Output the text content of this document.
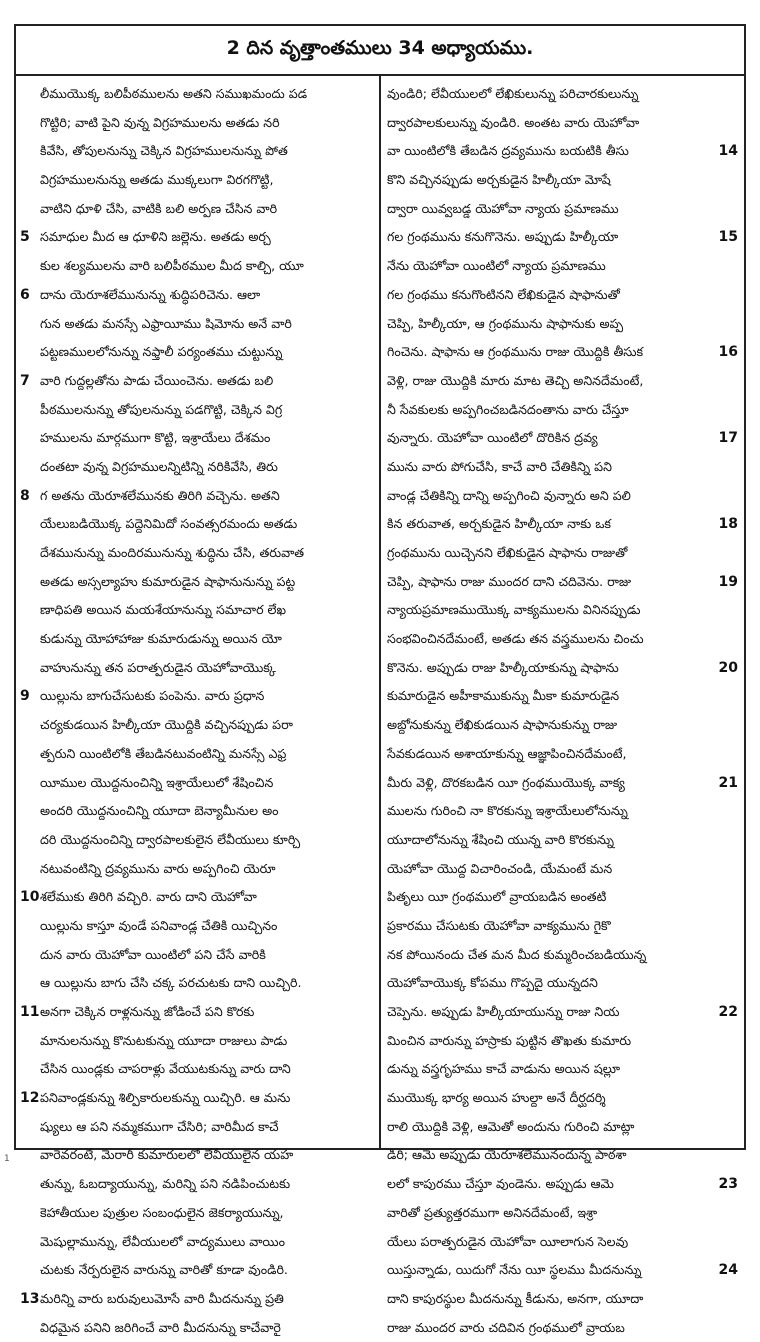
2 దిన వృత్తాంతములు 34 అధ్యాయము.
లీముయొక్క బలిపీఠములను అతని సముఖమందు పడ
గొట్టిరి; వాటి పైని వున్న విగ్రహములను అతడు నరి
కివేసి, తోపులనున్ను చెక్కిన విగ్రహములనున్ను పోత
విగ్రహములనున్ను అతడు ముక్కలుగా విరగగొట్టి,
వాటిని ధూళి చేసి, వాటికి బలి అర్పణ చేసిన వారి
5 సమాధుల మీద ఆ ధూళిని జల్లెను. అతడు అర్చ
కుల శల్యములను వారి బలిపీఠముల మీద కాల్చి, యూ
6 దాను యెరూశలేమునున్ను శుద్ధిపరిచెను. ఆలా
గున అతడు మనస్సే ఎఫ్రాయీము షిమోను అనే వారి
పట్టణములలోనున్ను నఫ్తాలీ పర్యంతము చుట్టున్ను
7 వారి గుద్దల్లతోను పాడు చేయించెను. అతడు బలి
పీఠములనున్ను తోపులనున్ను పడగొట్టి, చెక్కిన విగ్ర
హములను మార్గముగా కొట్టి, ఇశ్రాయేలు దేశమం
దంతటా వున్న విగ్రహములన్నిటిన్ని నరికివేసి, తిరు
8 గ అతను యెరూశలేమునకు తిరిగి వచ్చెను. అతని
యేలుబడియొక్క పద్దెనిమిదో సంవత్సరమందు అతడు
దేశమునున్ను మందిరమునున్ను శుద్ధిను చేసి, తరువాత
అతడు అస్సల్యాహు కుమారుడైన షాఫానునున్ను పట్ట
ణాధిపతి అయిన మయశేయానున్ను సమాచార లేఖ
కుడున్ను యోహాహాజు కుమారుడున్ను అయిన యో
వాహునున్ను తన పరాత్పరుడైన యెహోవాయొక్క
9 యిల్లును బాగుచేసుటకు పంపెను. వారు ప్రధాన
చర్యకుడయిన హిల్కీయా యొద్దికి వచ్చినప్పుడు పరా
త్పరుని యింటిలోకి తేబడినటువంటిన్ని మనస్సే ఎఫ్ర
యీముల యొద్దనుంచిన్ని ఇశ్రాయేలులో శేషించిన
అందరి యొద్దనుంచిన్ని యూదా బెన్యామీనుల అం
దరి యొద్దనుంచిన్ని ద్వారపాలకులైన లేవీయులు కూర్చి
నటువంటిన్ని ద్రవ్యమును వారు అప్పగించి యెరూ
10 శలేముకు తిరిగి వచ్చిరి. వారు దాని యెహోవా
యిల్లును కాస్తూ వుండే పనివాండ్ల చేతికి యిచ్చినం
దున వారు యెహోవా యింటిలో పని చేసే వారికి
ఆ యిల్లును బాగు చేసి చక్క పరచుటకు దాని యిచ్చిరి.
11 అనగా చెక్కిన రాళ్లనున్ను జోడించే పని కొరకు
మానులనున్ను కొనుటకున్ను యూదా రాజులు పాడు
చేసిన యిండ్లకు చాపరాళ్లు వేయుటకున్ను వారు దాని
12 పనివాండ్లకున్ను శిల్పికారులకున్ను యిచ్చిరి. ఆ మను
ష్యులు ఆ పని నమ్మకముగా చేసిరి; వారిమీద కాచే
వారెవరంటే, మెరారీ కుమారులలో లేవీయులైన యహ
తున్ను, ఓబద్యాయున్ను, మరిన్ని పని నడిపించుటకు
కెహాతీయుల పుత్రుల సంబంధులైన జెకర్యాయున్ను,
మెషుల్లామున్ను, లేవీయులలో వాద్యములు వాయిం
చుటకు నేర్పరులైన వారున్ను వారితో కూడా వుండిరి.
13 మరిన్ని వారు బరువులుమోసే వారి మీదనున్ను ప్రతి
విధమైన పనిని జరిగించే వారి మీదనున్ను కాచేవారై
వుండిరి; లేవీయులలో లేఖికులున్ను పరిచారకులున్ను
ద్వారపాలకులున్ను వుండిరి. అంతట వారు యెహోవా
14
వా యింటిలోకి తేబడిన ద్రవ్యమును బయటికి తీసు
కొని వచ్చినప్పుడు అర్చకుడైన హిల్కీయా మోషే
ద్వారా యివ్వబడ్డ యెహోవా న్యాయ ప్రమాణము
15
గల గ్రంథమును కనుగొనెను. అప్పుడు హిల్కీయా
నేను యెహోవా యింటిలో న్యాయ ప్రమాణము
గల గ్రంథము కనుగొంటినని లేఖికుడైన షాఫానుతో
చెప్పి, హిల్కీయా, ఆ గ్రంథమును షాఫానుకు అప్ప
16
గించెను. షాఫాను ఆ గ్రంథమును రాజు యొద్దికి తీసుక
వెళ్లి, రాజు యొద్దికి మారు మాట తెచ్చి అనినదేమంటే,
నీ సేవకులకు అప్పగించబడినదంతాను వారు చేస్తూ
17
వున్నారు. యెహోవా యింటిలో దొరికిన ద్రవ్య
మును వారు పోగుచేసి, కాచే వారి చేతికిన్ని పని
వాండ్ల చేతికిన్ని దాన్ని అప్పగించి వున్నారు అని పలి
18
కిన తరువాత, అర్చకుడైన హిల్కీయా నాకు ఒక
గ్రంథమును యిచ్చెనని లేఖికుడైన షాఫాను రాజుతో
19
చెప్పి, షాఫాను రాజు ముందర దాని చదివెను. రాజు
న్యాయప్రమాణముయొక్క వాక్యములను వినినప్పుడు
సంభవించినదేమంటే, అతడు తన వస్త్రములను చించు
20
కొనెను. అప్పుడు రాజు హిల్కీయాకున్ను షాఫాను
కుమారుడైన అహీకాముకున్ను మీకా కుమారుడైన
అబ్దోనుకున్ను లేఖికుడయిన షాఫానుకున్ను రాజు
సేవకుడయిన అశాయాకున్ను ఆజ్ఞాపించినదేమంటే,
21
మీరు వెళ్లి, దొరకబడిన యీ గ్రంథముయొక్క వాక్య
ములను గురించి నా కొరకున్ను ఇశ్రాయేలులోనున్ను
యూదాలోనున్ను శేషించి యున్న వారి కొరకున్ను
యెహోవా యొద్ద విచారించండి, యేమంటే మన
పితృలు యీ గ్రంథములో వ్రాయబడిన అంతటి
ప్రకారము చేసుటకు యెహోవా వాక్యమును గైకొ
నక పోయినందు చేత మన మీద కుమ్మరించబడియున్న
యెహోవాయొక్క కోపము గొప్పదై యున్నదని
22
చెప్పెను. అప్పుడు హిల్కీయాయున్ను రాజు నియ
మించిన వారున్ను హస్రాకు పుట్టిన తొఖతు కుమారు
డున్ను వస్త్రగృహము కాచే వాడును అయిన షల్లూ
ముయొక్క భార్య అయిన హుల్దా అనే దీర్ఘదర్శి
రాలి యొద్దికి వెళ్లి, ఆమెతో అందును గురించి మాట్లా
డిరి; ఆమె అప్పుడు యెరూశలేమునందున్న పాఠశా
23
లలో కాపురము చేస్తూ వుండెను. అప్పుడు ఆమె
వారితో ప్రత్యుత్తరముగా అనినదేమంటే, ఇశ్రా
యేలు పరాత్పరుడైన యెహోవా యీలాగున సెలవు
24
యిస్తున్నాడు, యిదుగో నేను యీ స్థలము మీదనున్ను
దాని కాపురస్థుల మీదనున్ను కీడును, అనగా, యూదా
రాజు ముందర వారు చదివిన గ్రంథములో వ్రాయబ
1
